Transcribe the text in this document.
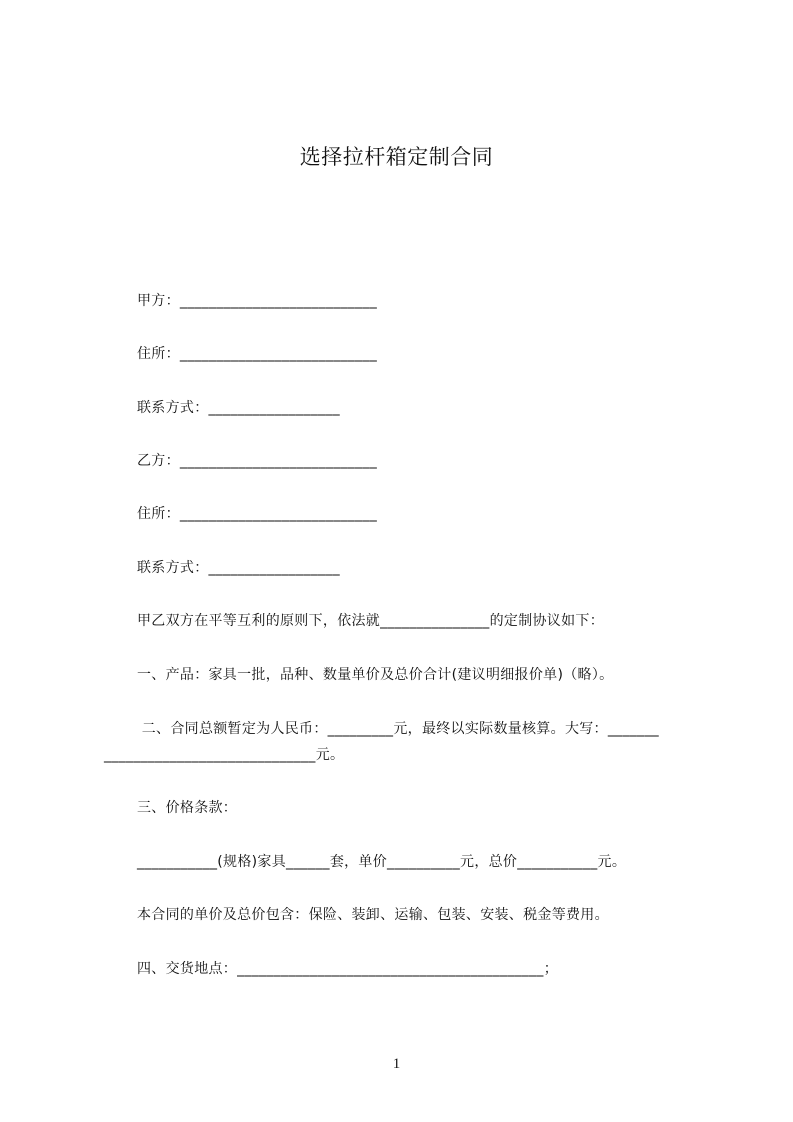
选择拉杆箱定制合同
甲方：___________________________
住所：___________________________
联系方式：__________________
乙方：___________________________
住所：___________________________
联系方式：__________________
甲乙双方在平等互利的原则下，依法就_______________的定制协议如下：
一、产品：家具一批，品种、数量单价及总价合计(建议明细报价单)（略）。
二、合同总额暂定为人民币：_________元，最终以实际数量核算。大写：_______
_____________________________元。
三、价格条款：
___________(规格)家具______套，单价__________元，总价___________元。
本合同的单价及总价包含：保险、装卸、运输、包装、安装、税金等费用。
四、交货地点：__________________________________________；
1
